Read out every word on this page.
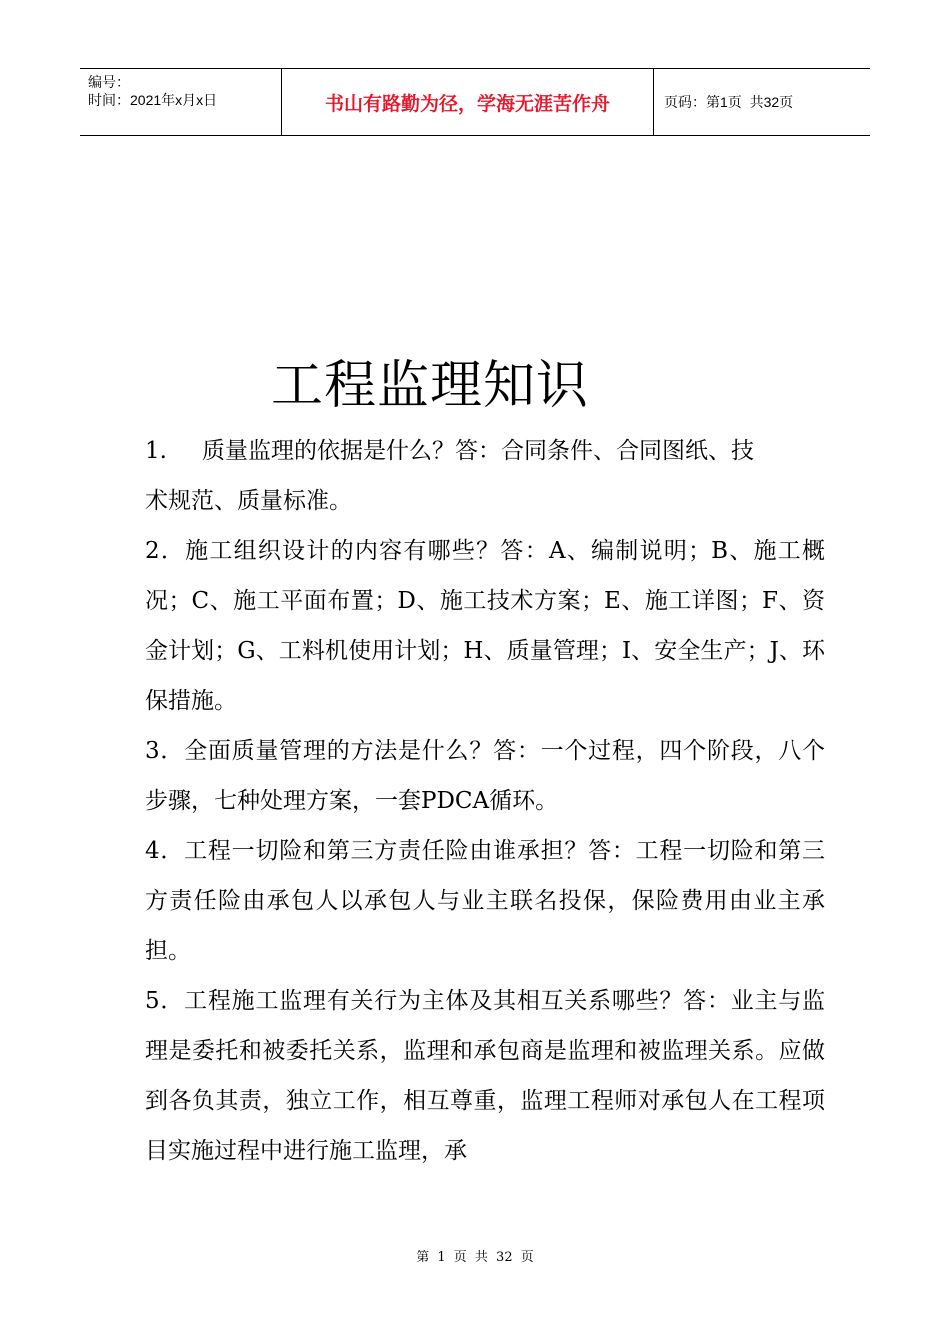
编号：
时间：2021年x月x日	书山有路勤为径，学海无涯苦作舟	页码：第1页  共32页
工程监理知识
1.	质量监理的依据是什么？答：合同条件、合同图纸、技

术规范、质量标准。

2．施工组织设计的内容有哪些？答：A、编制说明；B、施工概况；C、施工平面布置；D、施工技术方案；E、施工详图；F、资金计划；G、工料机使用计划；H、质量管理；I、安全生产；J、环保措施。

3．全面质量管理的方法是什么？答：一个过程，四个阶段，八个步骤，七种处理方案，一套PDCA循环。

4．工程一切险和第三方责任险由谁承担？答：工程一切险和第三方责任险由承包人以承包人与业主联名投保，保险费用由业主承担。

5．工程施工监理有关行为主体及其相互关系哪些？答：业主与监理是委托和被委托关系，监理和承包商是监理和被监理关系。应做到各负其责，独立工作，相互尊重，监理工程师对承包人在工程项目实施过程中进行施工监理，承

第 1 页 共 32 页
